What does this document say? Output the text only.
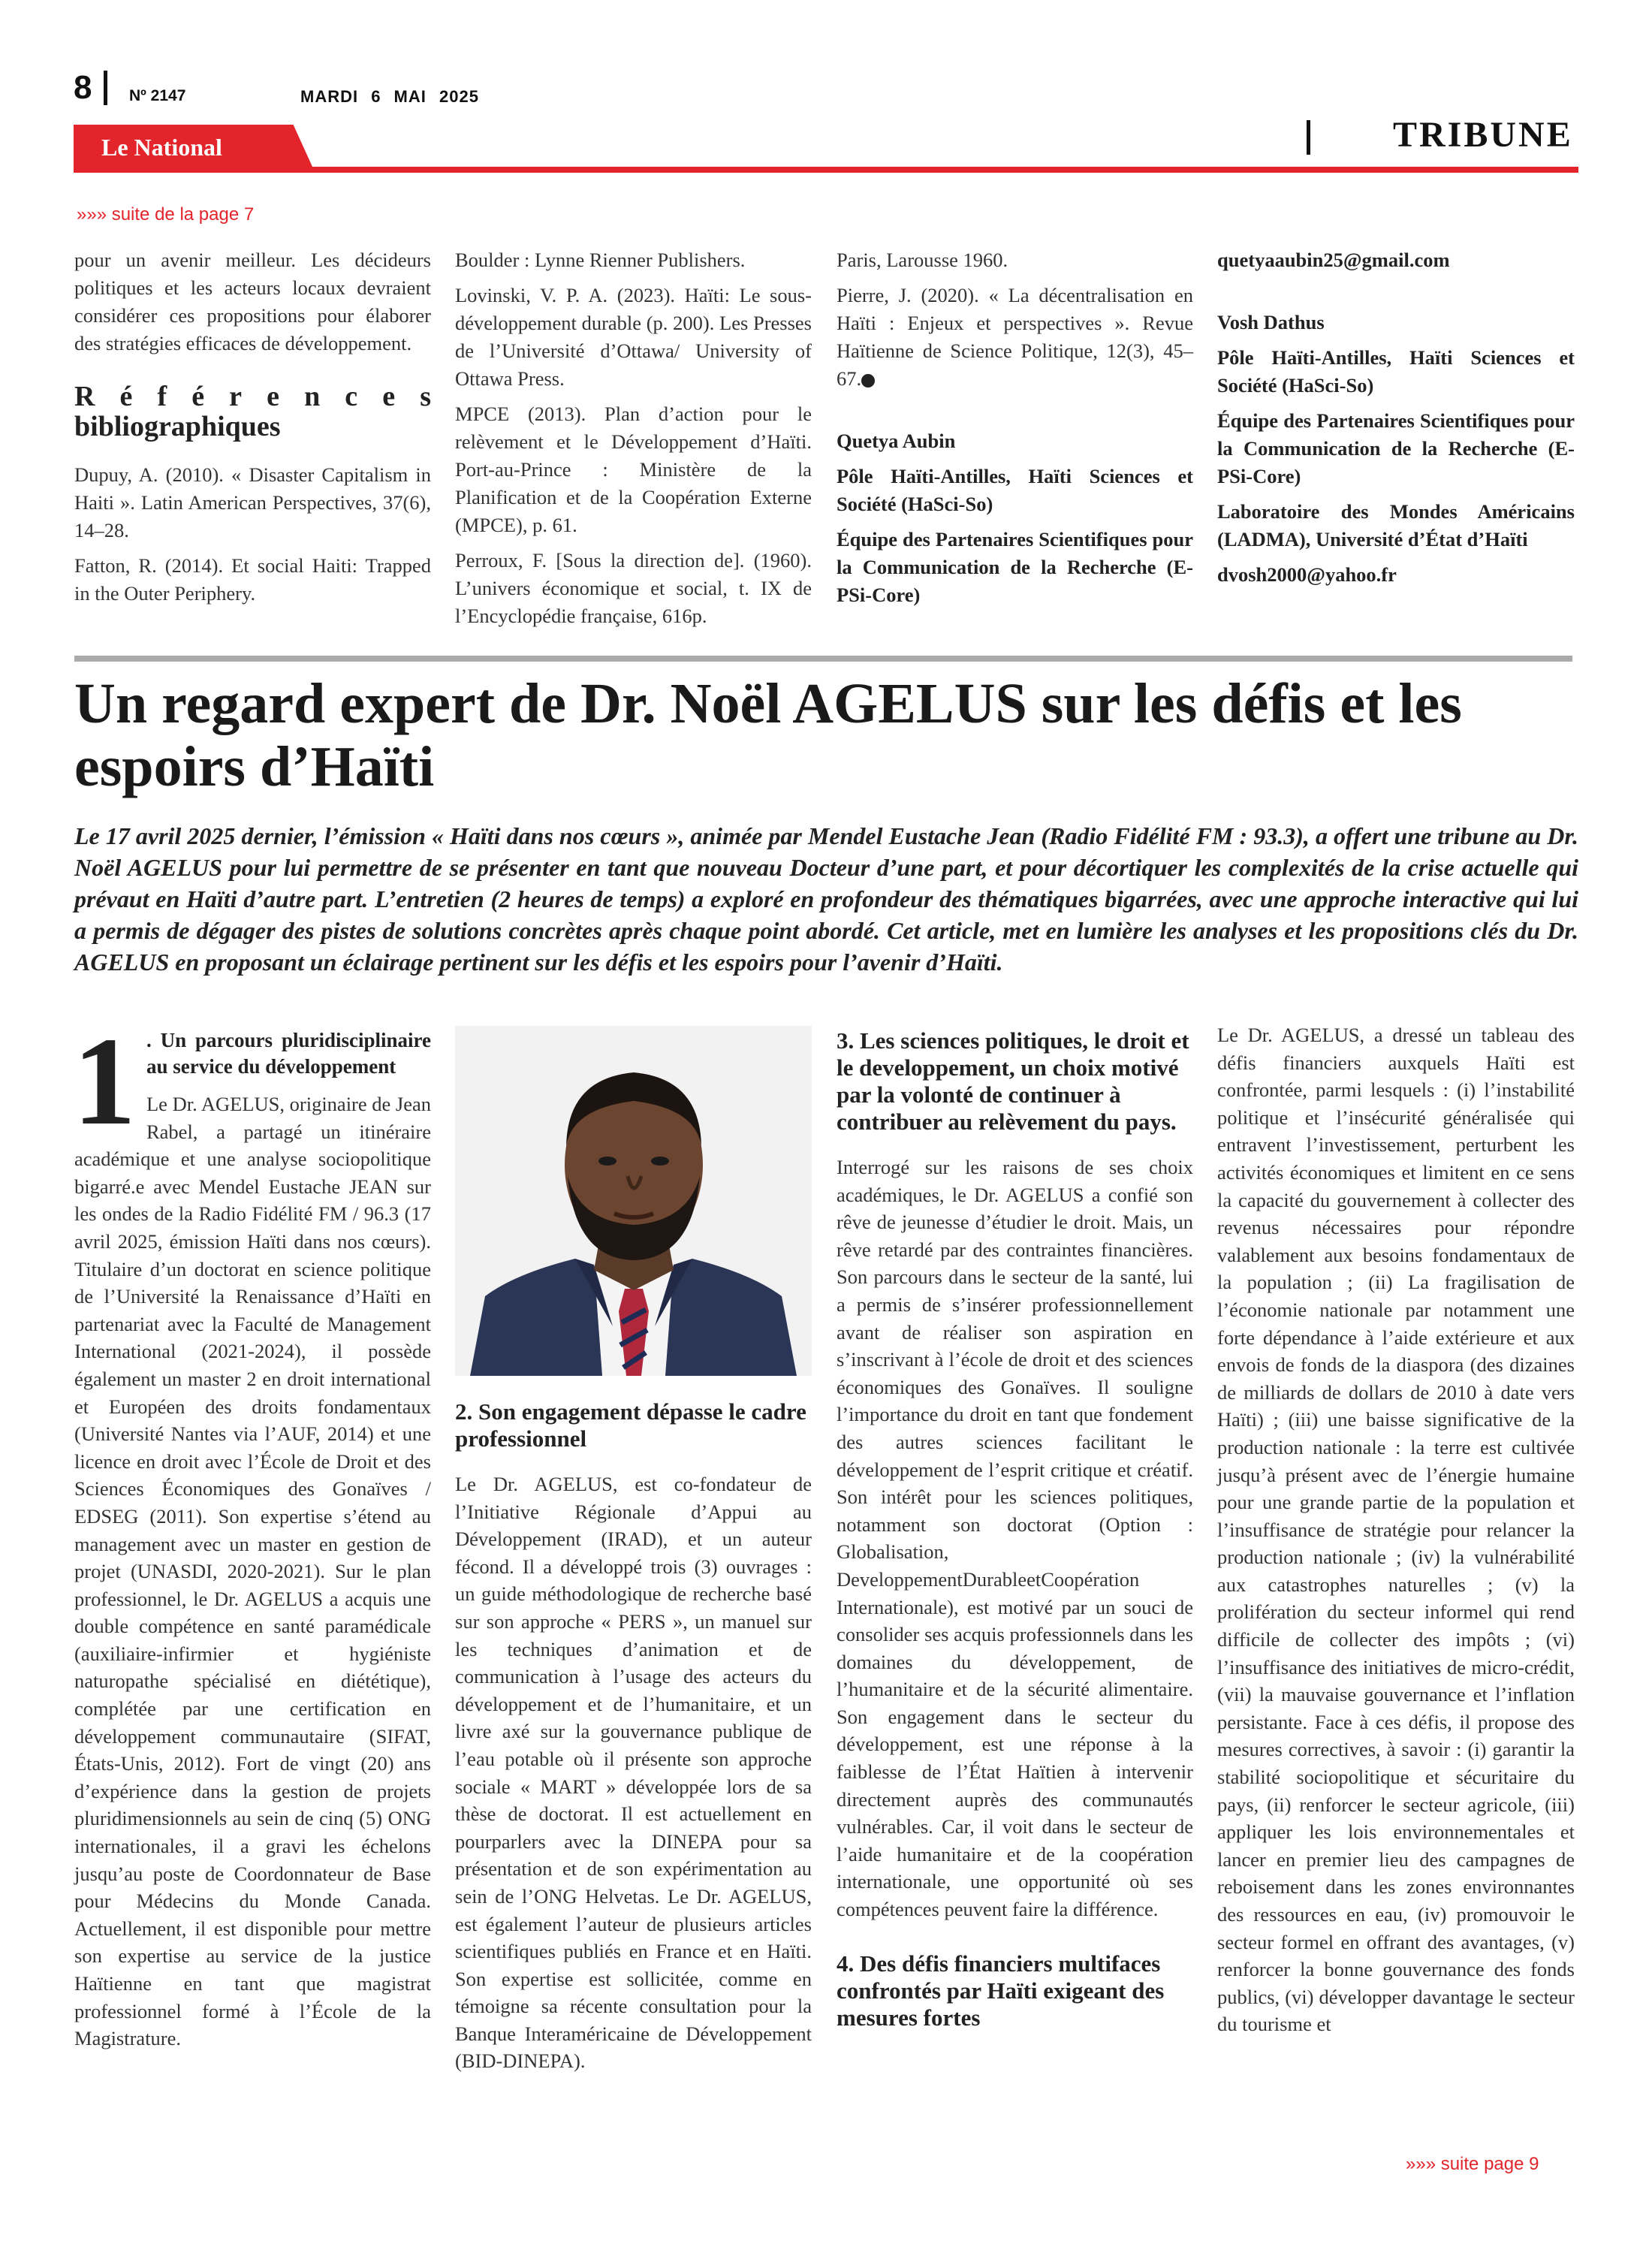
8 Nº 2147	MARDI 6 MAI 2025
Le National	TRIBUNE
»»» suite de la page 7

pour un avenir meilleur. Les décideurs politiques et les acteurs locaux devraient considérer ces propositions pour élaborer des stratégies efficaces de développement.

R é f é r e n c e s
bibliographiques

Dupuy, A. (2010). « Disaster Capitalism in Haiti ». Latin American Perspectives, 37(6), 14–28.

Fatton, R. (2014). Et social Haiti: Trapped in the Outer Periphery.

Boulder : Lynne Rienner Publishers.

Lovinski, V. P. A. (2023). Haïti: Le sous-développement durable (p. 200). Les Presses de l’Université d’Ottawa/ University of Ottawa Press.

MPCE (2013). Plan d’action pour le relèvement et le Développement d’Haïti. Port-au-Prince : Ministère de la Planification et de la Coopération Externe (MPCE), p. 61.

Perroux, F. [Sous la direction de]. (1960). L’univers économique et social, t. IX de l’Encyclopédie française, 616p.

Paris, Larousse 1960.

Pierre, J. (2020). « La décentralisation en Haïti : Enjeux et perspectives ». Revue Haïtienne de Science Politique, 12(3), 45–67.

Quetya Aubin

Pôle Haïti-Antilles, Haïti Sciences et Société (HaSci-So)

Équipe des Partenaires Scientifiques pour la Communication de la Recherche (E-PSi-Core)

quetyaaubin25@gmail.com

Vosh Dathus

Pôle Haïti-Antilles, Haïti Sciences et Société (HaSci-So)

Équipe des Partenaires Scientifiques pour la Communication de la Recherche (E-PSi-Core)

Laboratoire des Mondes Américains (LADMA), Université d’État d’Haïti

dvosh2000@yahoo.fr

Un regard expert de Dr. Noël AGELUS sur les défis et les espoirs d’Haïti
Le 17 avril 2025 dernier, l’émission « Haïti dans nos cœurs », animée par Mendel Eustache Jean (Radio Fidélité FM : 93.3), a offert une tribune au Dr. Noël AGELUS pour lui permettre de se présenter en tant que nouveau Docteur d’une part, et pour décortiquer les complexités de la crise actuelle qui prévaut en Haïti d’autre part. L’entretien (2 heures de temps) a exploré en profondeur des thématiques bigarrées, avec une approche interactive qui lui a permis de dégager des pistes de solutions concrètes après chaque point abordé. Cet article, met en lumière les analyses et les propositions clés du Dr. AGELUS en proposant un éclairage pertinent sur les défis et les espoirs pour l’avenir d’Haïti.
1 . Un parcours pluridisciplinaire au service du développement

Le Dr. AGELUS, originaire de Jean Rabel, a partagé un itinéraire académique et une analyse sociopolitique bigarré.e avec Mendel Eustache JEAN sur les ondes de la Radio Fidélité FM / 96.3 (17 avril 2025, émission Haïti dans nos cœurs). Titulaire d’un doctorat en science politique de l’Université la Renaissance d’Haïti en partenariat avec la Faculté de Management International (2021-2024), il possède également un master 2 en droit international et Européen des droits fondamentaux (Université Nantes via l’AUF, 2014) et une licence en droit avec l’École de Droit et des Sciences Économiques des Gonaïves / EDSEG (2011). Son expertise s’étend au management avec un master en gestion de projet (UNASDI, 2020-2021). Sur le plan professionnel, le Dr. AGELUS a acquis une double compétence en santé paramédicale (auxiliaire-infirmier et hygiéniste naturopathe spécialisé en diététique), complétée par une certification en développement communautaire (SIFAT, États-Unis, 2012). Fort de vingt (20) ans d’expérience dans la gestion de projets pluridimensionnels au sein de cinq (5) ONG internationales, il a gravi les échelons jusqu’au poste de Coordonnateur de Base pour Médecins du Monde Canada. Actuellement, il est disponible pour mettre son expertise au service de la justice Haïtienne en tant que magistrat professionnel formé à l’École de la Magistrature.

2. Son engagement dépasse le cadre professionnel

Le Dr. AGELUS, est co-fondateur de l’Initiative Régionale d’Appui au Développement (IRAD), et un auteur fécond. Il a développé trois (3) ouvrages : un guide méthodologique de recherche basé sur son approche « PERS », un manuel sur les techniques d’animation et de communication à l’usage des acteurs du développement et de l’humanitaire, et un livre axé sur la gouvernance publique de l’eau potable où il présente son approche sociale « MART » développée lors de sa thèse de doctorat. Il est actuellement en pourparlers avec la DINEPA pour sa présentation et de son expérimentation au sein de l’ONG Helvetas. Le Dr. AGELUS, est également l’auteur de plusieurs articles scientifiques publiés en France et en Haïti. Son expertise est sollicitée, comme en témoigne sa récente consultation pour la Banque Interaméricaine de Développement (BID-DINEPA).

3. Les sciences politiques, le droit et le developpement, un choix motivé par la volonté de continuer à contribuer au relèvement du pays.

Interrogé sur les raisons de ses choix académiques, le Dr. AGELUS a confié son rêve de jeunesse d’étudier le droit. Mais, un rêve retardé par des contraintes financières. Son parcours dans le secteur de la santé, lui a permis de s’insérer professionnellement avant de réaliser son aspiration en s’inscrivant à l’école de droit et des sciences économiques des Gonaïves. Il souligne l’importance du droit en tant que fondement des autres sciences facilitant le développement de l’esprit critique et créatif. Son intérêt pour les sciences politiques, notamment son doctorat (Option : Globalisation, DeveloppementDurableetCoopération Internationale), est motivé par un souci de consolider ses acquis professionnels dans les domaines du développement, de l’humanitaire et de la sécurité alimentaire. Son engagement dans le secteur du développement, est une réponse à la faiblesse de l’État Haïtien à intervenir directement auprès des communautés vulnérables. Car, il voit dans le secteur de l’aide humanitaire et de la coopération internationale, une opportunité où ses compétences peuvent faire la différence.

4. Des défis financiers multifaces confrontés par Haïti exigeant des mesures fortes

Le Dr. AGELUS, a dressé un tableau des défis financiers auxquels Haïti est confrontée, parmi lesquels : (i) l’instabilité politique et l’insécurité généralisée qui entravent l’investissement, perturbent les activités économiques et limitent en ce sens la capacité du gouvernement à collecter des revenus nécessaires pour répondre valablement aux besoins fondamentaux de la population ; (ii) La fragilisation de l’économie nationale par notamment une forte dépendance à l’aide extérieure et aux envois de fonds de la diaspora (des dizaines de milliards de dollars de 2010 à date vers Haïti) ; (iii) une baisse significative de la production nationale : la terre est cultivée jusqu’à présent avec de l’énergie humaine pour une grande partie de la population et l’insuffisance de stratégie pour relancer la production nationale ; (iv) la vulnérabilité aux catastrophes naturelles ; (v) la prolifération du secteur informel qui rend difficile de collecter des impôts ; (vi) l’insuffisance des initiatives de micro-crédit, (vii) la mauvaise gouvernance et l’inflation persistante. Face à ces défis, il propose des mesures correctives, à savoir : (i) garantir la stabilité sociopolitique et sécuritaire du pays, (ii) renforcer le secteur agricole, (iii) appliquer les lois environnementales et lancer en premier lieu des campagnes de reboisement dans les zones environnantes des ressources en eau, (iv) promouvoir le secteur formel en offrant des avantages, (v) renforcer la bonne gouvernance des fonds publics, (vi) développer davantage le secteur du tourisme et

»»» suite page 9
